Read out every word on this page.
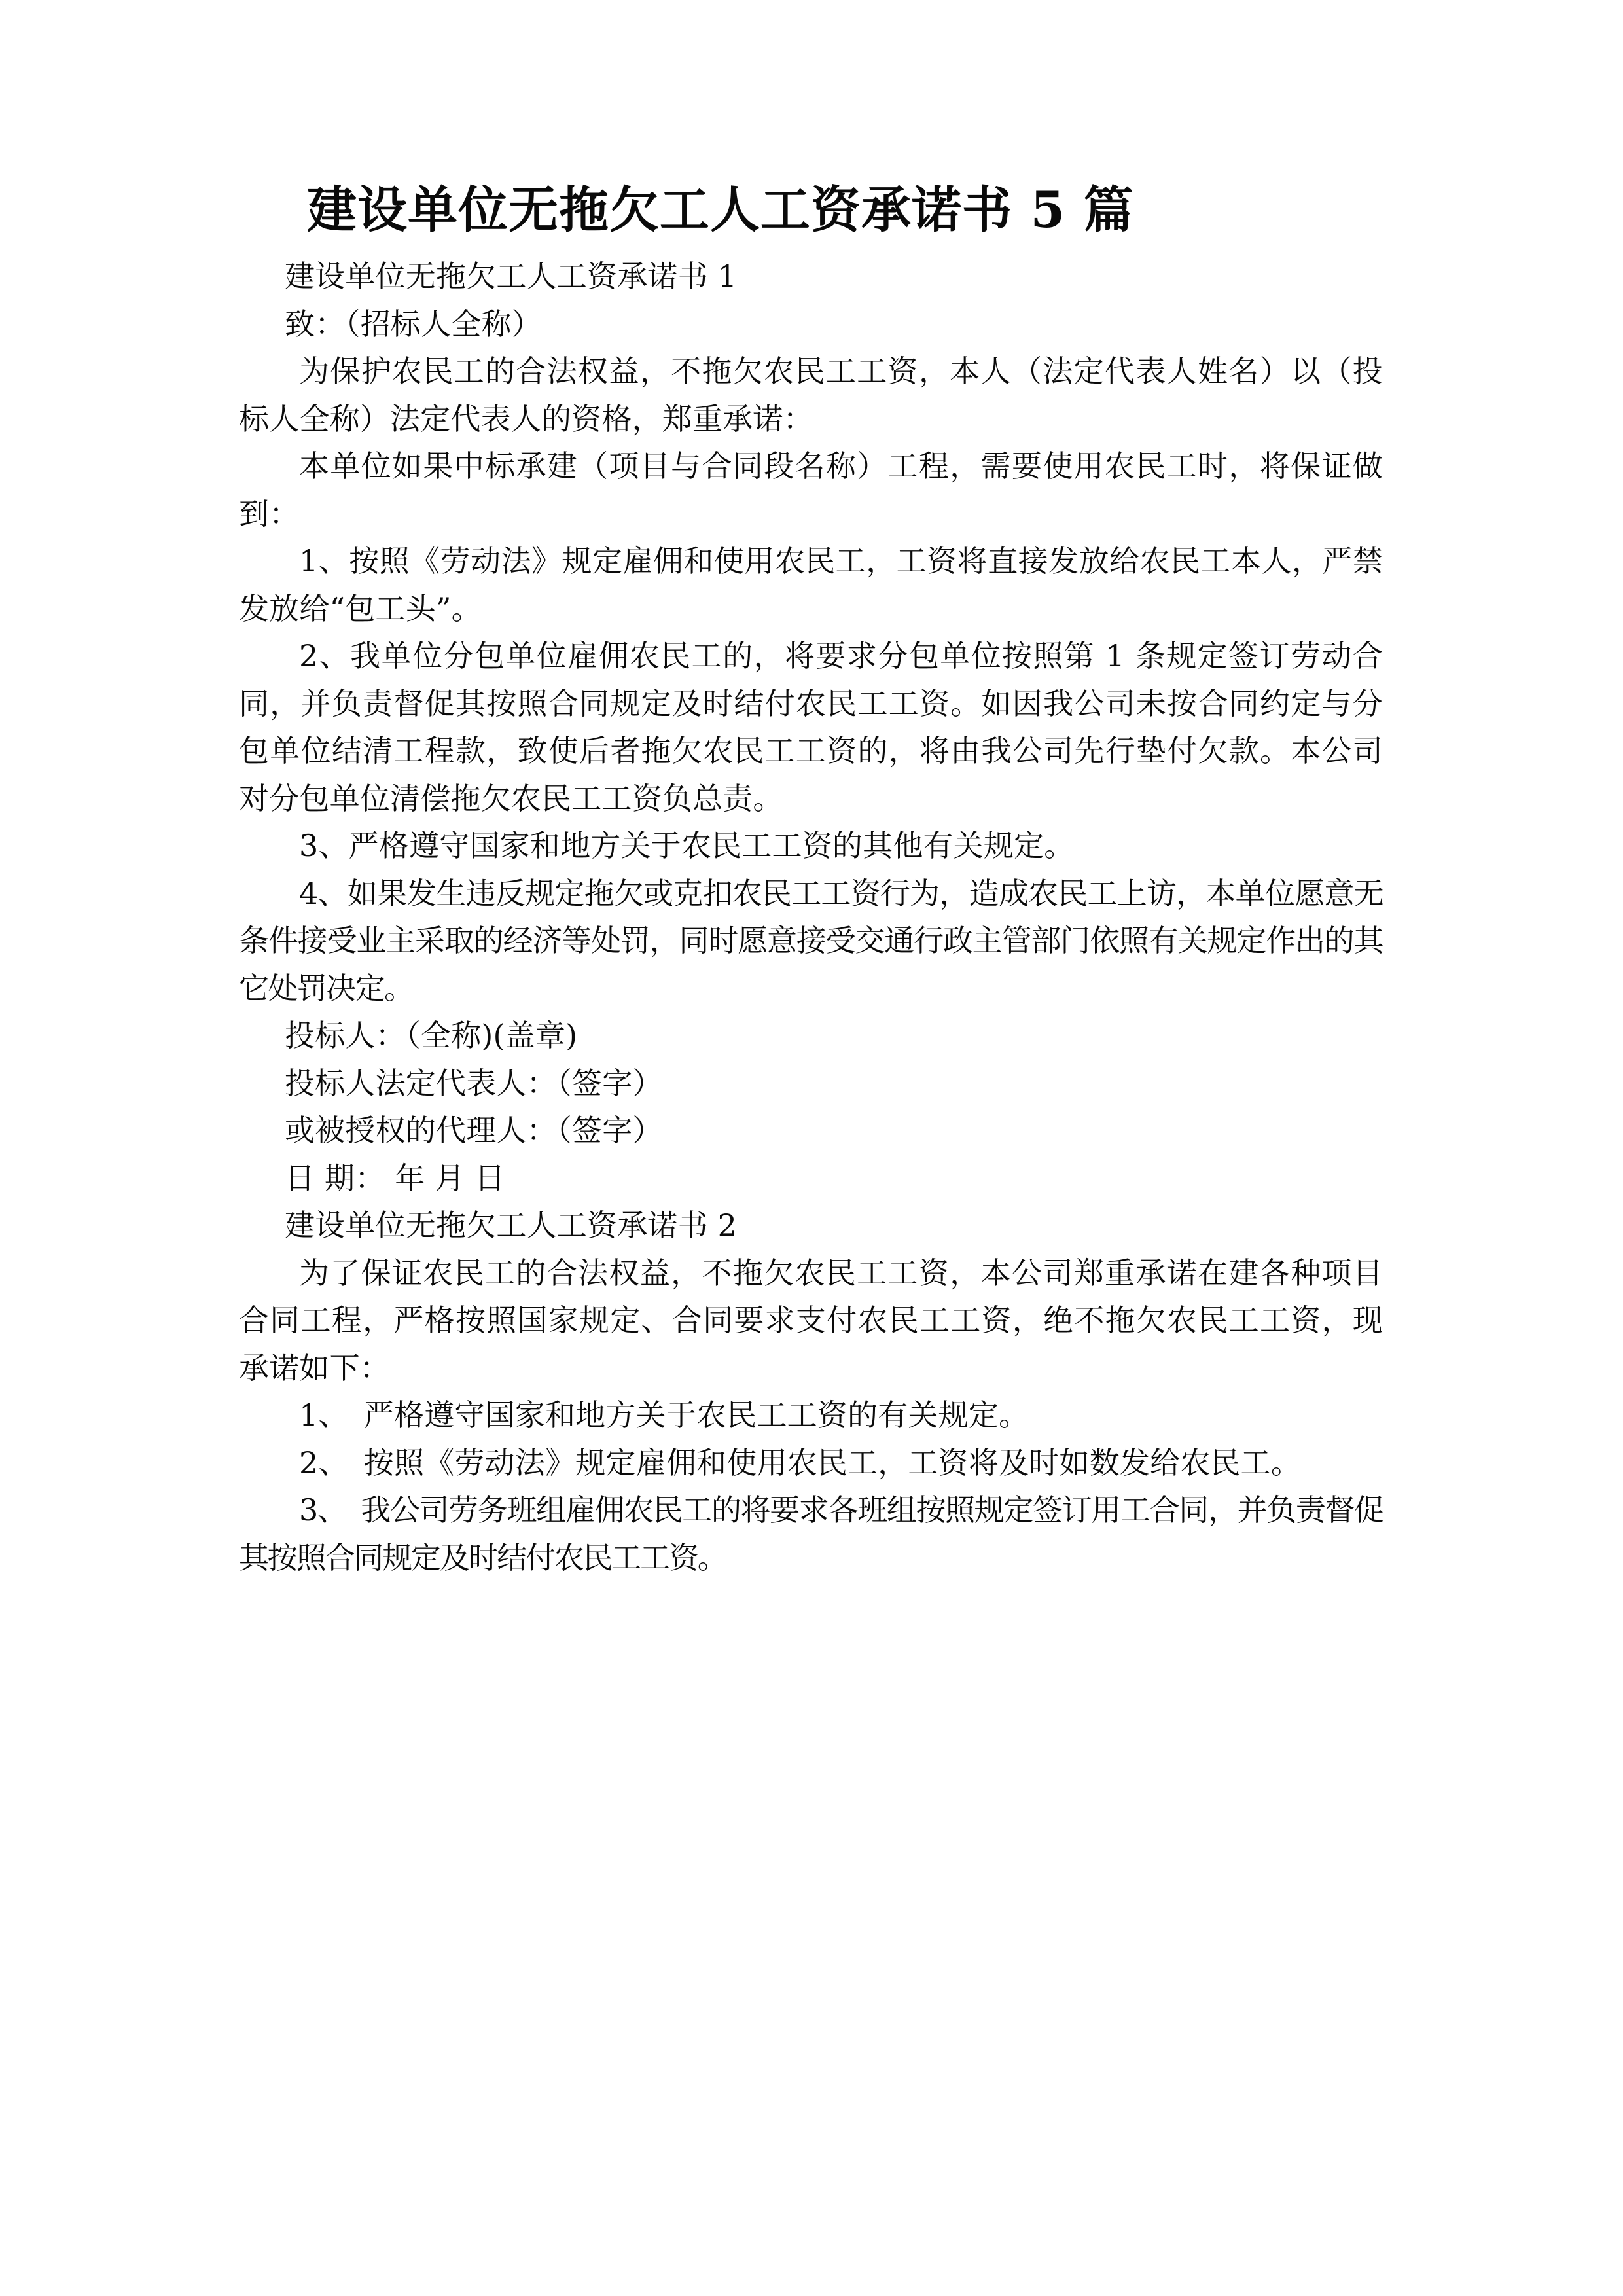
建设单位无拖欠工人工资承诺书 5 篇

建设单位无拖欠工人工资承诺书 1

致：（招标人全称）

为保护农民工的合法权益，不拖欠农民工工资，本人（法定代表人姓名）以（投标人全称）法定代表人的资格，郑重承诺：

本单位如果中标承建（项目与合同段名称）工程，需要使用农民工时，将保证做到：

1、按照《劳动法》规定雇佣和使用农民工，工资将直接发放给农民工本人，严禁发放给“包工头”。

2、我单位分包单位雇佣农民工的，将要求分包单位按照第 1 条规定签订劳动合同，并负责督促其按照合同规定及时结付农民工工资。如因我公司未按合同约定与分包单位结清工程款，致使后者拖欠农民工工资的，将由我公司先行垫付欠款。本公司对分包单位清偿拖欠农民工工资负总责。

3、严格遵守国家和地方关于农民工工资的其他有关规定。

4、如果发生违反规定拖欠或克扣农民工工资行为，造成农民工上访，本单位愿意无条件接受业主采取的经济等处罚，同时愿意接受交通行政主管部门依照有关规定作出的其它处罚决定。

投标人：（全称)(盖章)

投标人法定代表人：（签字）

或被授权的代理人：（签字）

日 期： 年 月 日

建设单位无拖欠工人工资承诺书 2

为了保证农民工的合法权益，不拖欠农民工工资，本公司郑重承诺在建各种项目合同工程，严格按照国家规定、合同要求支付农民工工资，绝不拖欠农民工工资，现承诺如下：

1、　严格遵守国家和地方关于农民工工资的有关规定。

2、　按照《劳动法》规定雇佣和使用农民工，工资将及时如数发给农民工。

3、　我公司劳务班组雇佣农民工的将要求各班组按照规定签订用工合同，并负责督促其按照合同规定及时结付农民工工资。
